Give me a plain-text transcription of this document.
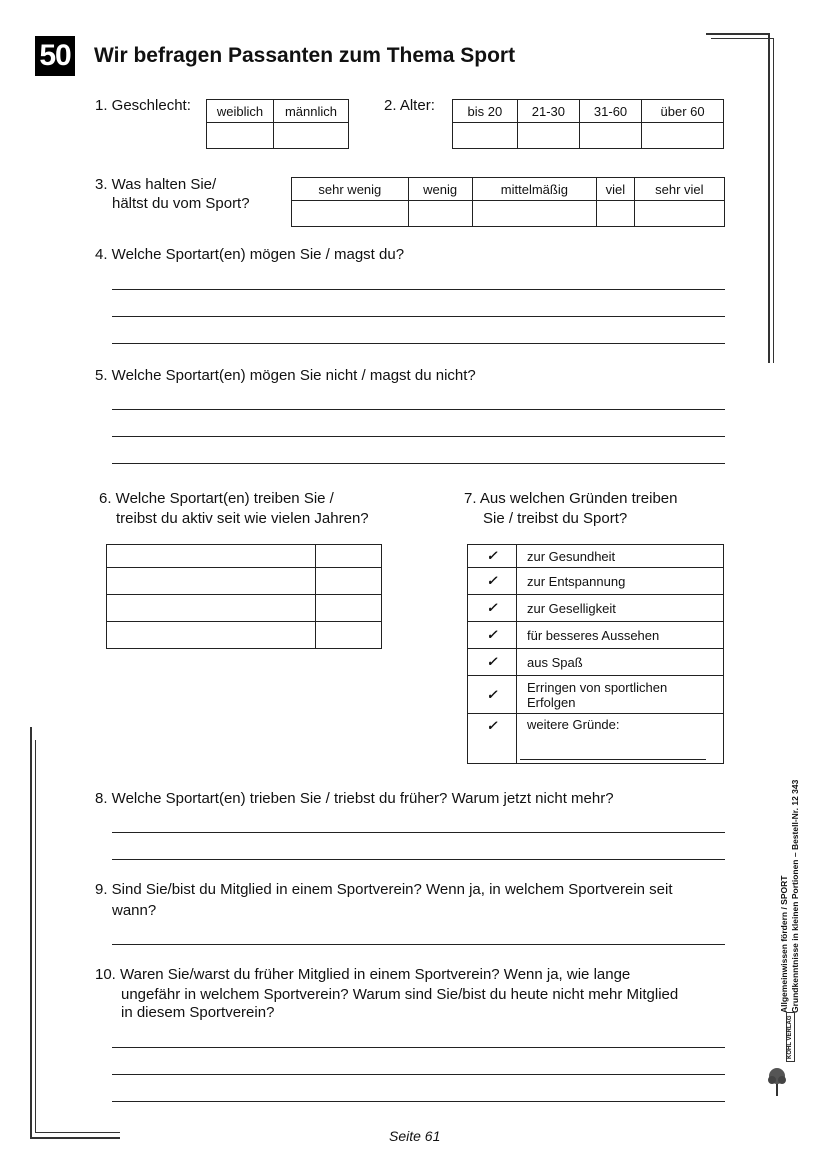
50 Wir befragen Passanten zum Thema Sport
1. Geschlecht: weiblich	männlich
		2. Alter:	bis 20	21-30	31-60	über 60

3. Was halten Sie/
hältst du vom Sport?
sehr wenig	wenig	mittelmäßig	viel	sehr viel

4. Welche Sportart(en) mögen Sie / magst du?
5. Welche Sportart(en) mögen Sie nicht / magst du nicht?
6. Welche Sportart(en) treiben Sie /
treibst du aktiv seit wie vielen Jahren?

7. Aus welchen Gründen treiben
Sie / treibst du Sport?
✓	zur Gesundheit
✓	zur Entspannung
✓	zur Geselligkeit
✓	für besseres Aussehen
✓	aus Spaß
✓	Erringen von sportlichen Erfolgen
✓	weitere Gründe:
8. Welche Sportart(en) trieben Sie / triebst du früher? Warum jetzt nicht mehr?
9. Sind Sie/bist du Mitglied in einem Sportverein? Wenn ja, in welchem Sportverein seit
wann?
10. Waren Sie/warst du früher Mitglied in einem Sportverein? Wenn ja, wie lange
ungefähr in welchem Sportverein? Warum sind Sie/bist du heute nicht mehr Mitglied
in diesem Sportverein?
Seite 61
Allgemeinwissen fördern / SPORT Grundkenntnisse in kleinen Portionen – Bestell-Nr. 12 343
KOHL VERLAG
